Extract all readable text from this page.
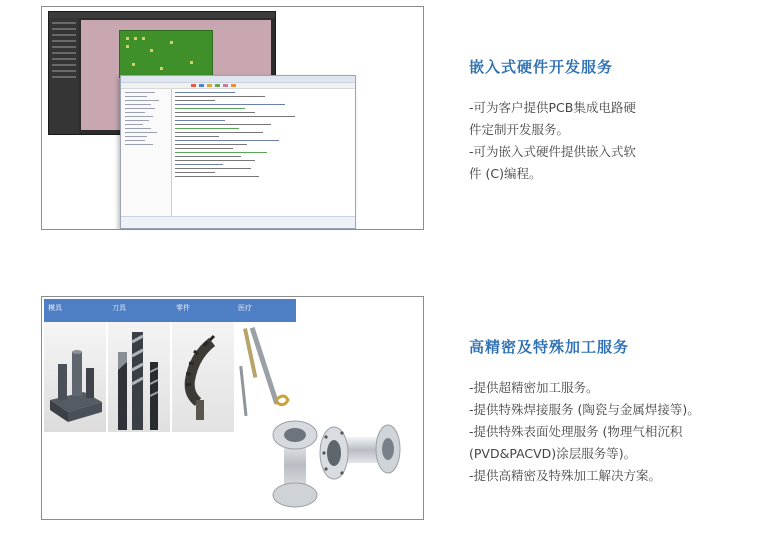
嵌入式硬件开发服务
-可为客户提供PCB集成电路硬
件定制开发服务。
-可为嵌入式硬件提供嵌入式软
件 (C)编程。
模具	刀具	零件	医疗
高精密及特殊加工服务
-提供超精密加工服务。
-提供特殊焊接服务 (陶瓷与金属焊接等)。
-提供特殊表面处理服务 (物理气相沉积
(PVD&PACVD)涂层服务等)。
-提供高精密及特殊加工解决方案。
